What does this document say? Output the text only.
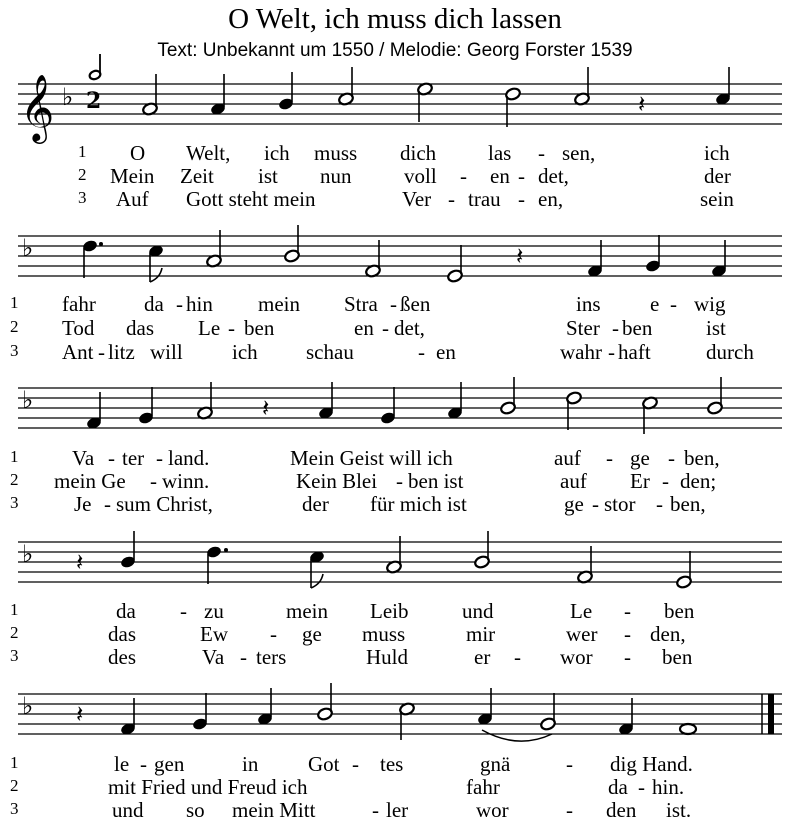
O Welt, ich muss dich lassen
Text: Unbekannt um 1550 / Melodie: Georg Forster 1539
𝄞 ♭ 2	𝄽
1 O Welt, ich muss dich las - sen,	ich
2 Mein Zeit ist nun	voll - en - det,	der
3 Auf Gott steht mein	Ver - trau - en,	sein
♭	𝄽
1 fahr da - hin mein Stra - ßen	ins e - wig
2 Tod das Le - ben	en - det,	Ster - ben	ist
3 Ant - litz will ich schau	- en	wahr - haft	durch
♭	𝄽
1	Va - ter - land.	Mein Geist will ich	auf - ge - ben,
2 mein Ge - winn.	Kein Blei - ben ist	auf Er - den;
3	Je - sum Christ,	der für mich ist	ge - stor - ben,
♭ 𝄽
1	da - zu	mein Leib	und	Le - ben
2	das	Ew - ge muss	mir	wer - den,
3	des	Va - ters	Huld	er - wor - ben
♭ 𝄽
1	le - gen	in Got - tes	gnä	- dig Hand.
2	mit Fried und Freud ich	fahr	da - hin.
3	und so mein Mitt	- ler	wor	- den ist.
